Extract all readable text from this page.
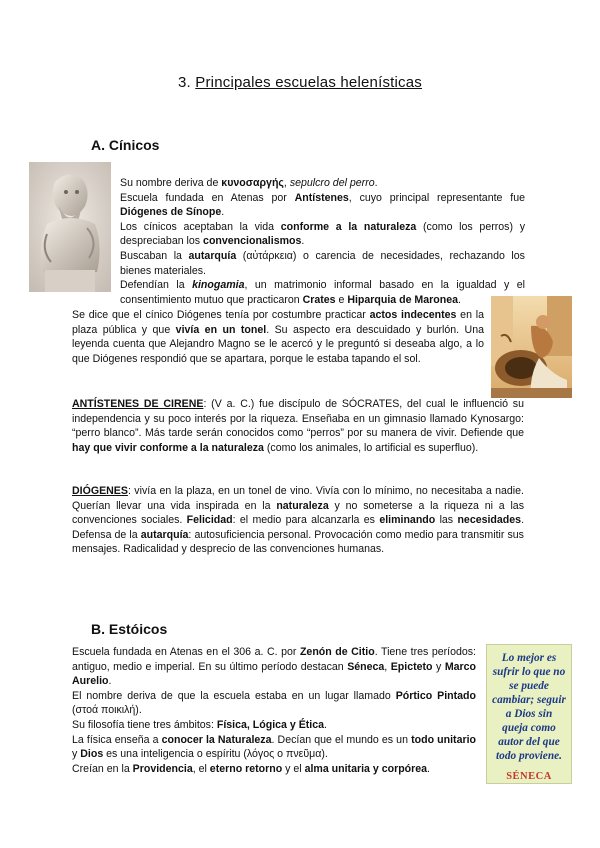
3. Principales escuelas helenísticas
A. Cínicos

Su nombre deriva de κυνοσαργής, sepulcro del perro.

Escuela fundada en Atenas por Antístenes, cuyo principal representante fue Diógenes de Sínope.

Los cínicos aceptaban la vida conforme a la naturaleza (como los perros) y despreciaban los convencionalismos.

Buscaban la autarquía (αὐτάρκεια) o carencia de necesidades, rechazando los bienes materiales.

Defendían la kinogamia, un matrimonio informal basado en la igualdad y el consentimiento mutuo que practicaron Crates e Hiparquia de Maronea.

Se dice que el cínico Diógenes tenía por costumbre practicar actos indecentes en la plaza pública y que vivía en un tonel. Su aspecto era descuidado y burlón. Una leyenda cuenta que Alejandro Magno se le acercó y le preguntó si deseaba algo, a lo que Diógenes respondió que se apartara, porque le estaba tapando el sol.

ANTÍSTENES DE CIRENE: (V a. C.) fue discípulo de SÓCRATES, del cual le influenció su independencia y su poco interés por la riqueza. Enseñaba en un gimnasio llamado Kynosargo: “perro blanco”. Más tarde serán conocidos como “perros” por su manera de vivir. Defiende que hay que vivir conforme a la naturaleza (como los animales, lo artificial es superfluo).

DIÓGENES: vivía en la plaza, en un tonel de vino. Vivía con lo mínimo, no necesitaba a nadie. Querían llevar una vida inspirada en la naturaleza y no someterse a la riqueza ni a las convenciones sociales. Felicidad: el medio para alcanzarla es eliminando las necesidades. Defensa de la autarquía: autosuficiencia personal. Provocación como medio para transmitir sus mensajes. Radicalidad y desprecio de las convenciones humanas.

B. Estóicos

Escuela fundada en Atenas en el 306 a. C. por Zenón de Citio. Tiene tres períodos: antiguo, medio e imperial. En su último período destacan Séneca, Epicteto y Marco Aurelio.

El nombre deriva de que la escuela estaba en un lugar llamado Pórtico Pintado (στοά ποικιλή).

Su filosofía tiene tres ámbitos: Física, Lógica y Ética.

La física enseña a conocer la Naturaleza. Decían que el mundo es un todo unitario y Dios es una inteligencia o espíritu (λόγος o πνεῦμα).

Creían en la Providencia, el eterno retorno y el alma unitaria y corpórea.

Lo mejor es
sufrir lo que no
se puede
cambiar; seguir
a Dios sin
queja como
autor del que
todo proviene.
SÉNECA
